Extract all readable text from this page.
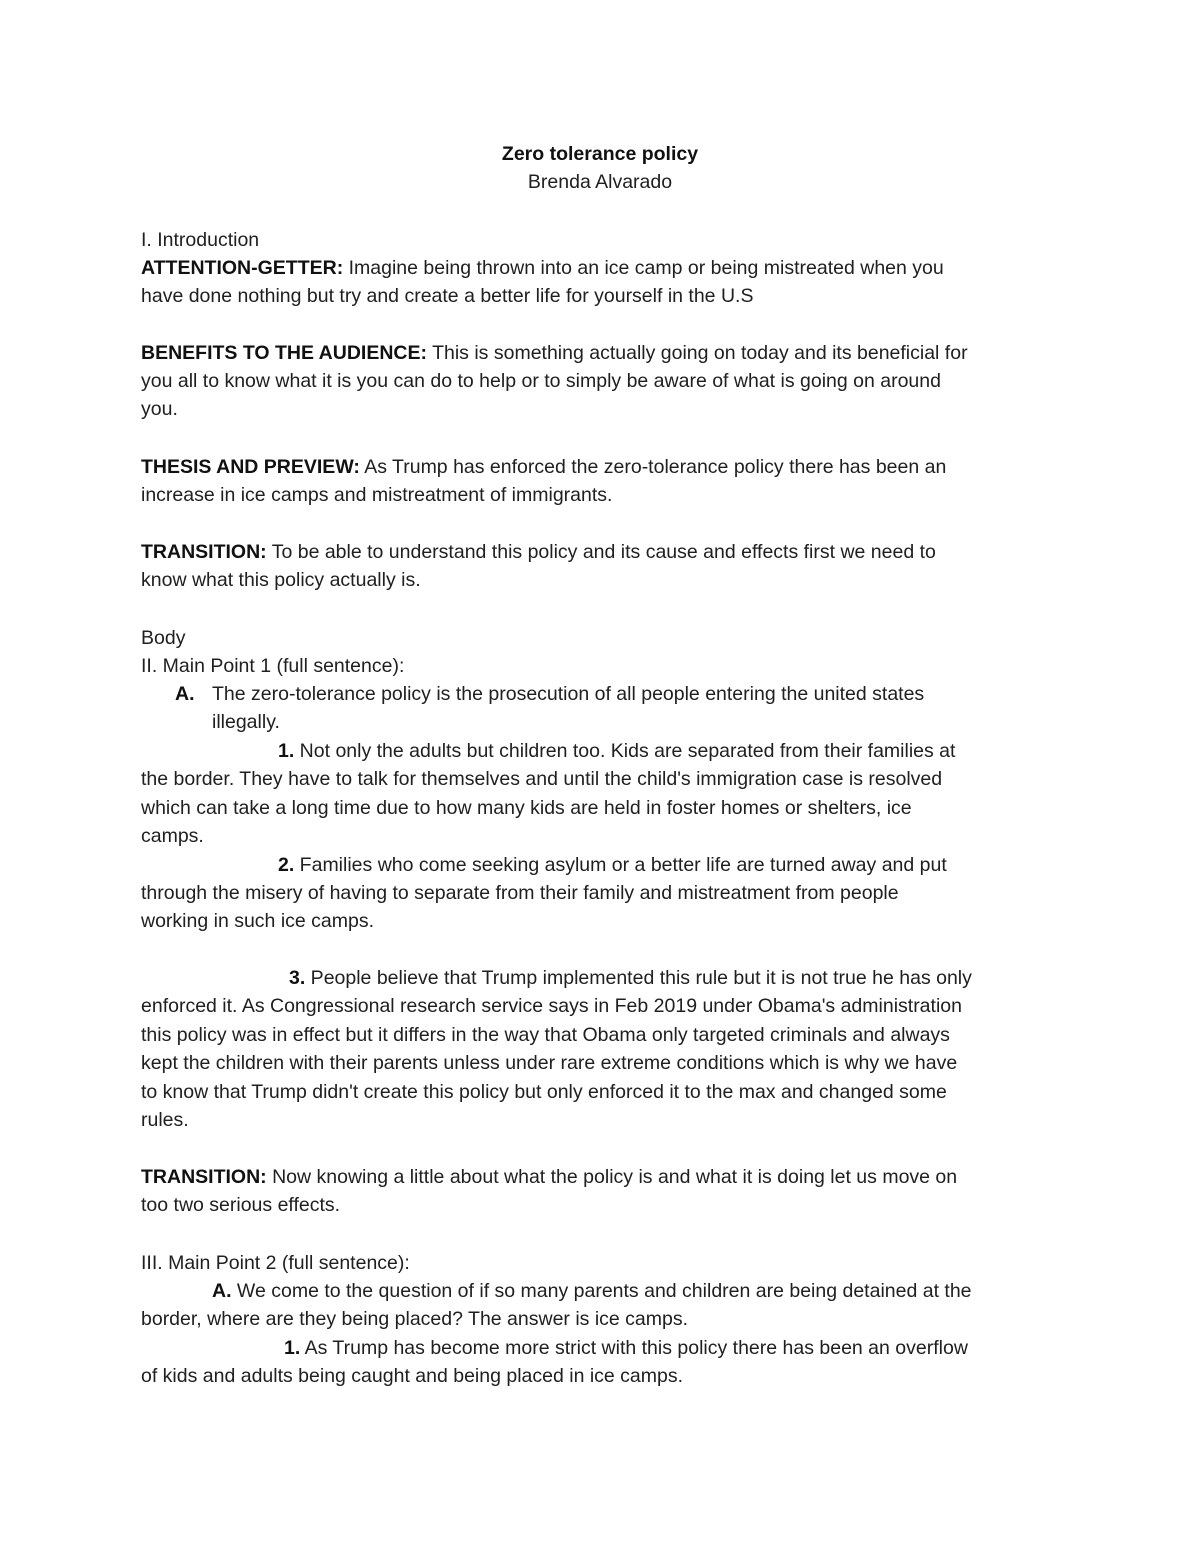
Zero tolerance policy
Brenda Alvarado
I. Introduction
ATTENTION-GETTER: Imagine being thrown into an ice camp or being mistreated when you
have done nothing but try and create a better life for yourself in the U.S
BENEFITS TO THE AUDIENCE: This is something actually going on today and its beneficial for
you all to know what it is you can do to help or to simply be aware of what is going on around
you.
THESIS AND PREVIEW: As Trump has enforced the zero-tolerance policy there has been an
increase in ice camps and mistreatment of immigrants.
TRANSITION: To be able to understand this policy and its cause and effects first we need to
know what this policy actually is.
Body
II. Main Point 1 (full sentence):
A. The zero-tolerance policy is the prosecution of all people entering the united states
illegally.
1. Not only the adults but children too. Kids are separated from their families at
the border. They have to talk for themselves and until the child's immigration case is resolved
which can take a long time due to how many kids are held in foster homes or shelters, ice
camps.
2. Families who come seeking asylum or a better life are turned away and put
through the misery of having to separate from their family and mistreatment from people
working in such ice camps.
3. People believe that Trump implemented this rule but it is not true he has only
enforced it. As Congressional research service says in Feb 2019 under Obama's administration
this policy was in effect but it differs in the way that Obama only targeted criminals and always
kept the children with their parents unless under rare extreme conditions which is why we have
to know that Trump didn't create this policy but only enforced it to the max and changed some
rules.
TRANSITION: Now knowing a little about what the policy is and what it is doing let us move on
too two serious effects.
III. Main Point 2 (full sentence):
A. We come to the question of if so many parents and children are being detained at the
border, where are they being placed? The answer is ice camps.
1. As Trump has become more strict with this policy there has been an overflow
of kids and adults being caught and being placed in ice camps.
